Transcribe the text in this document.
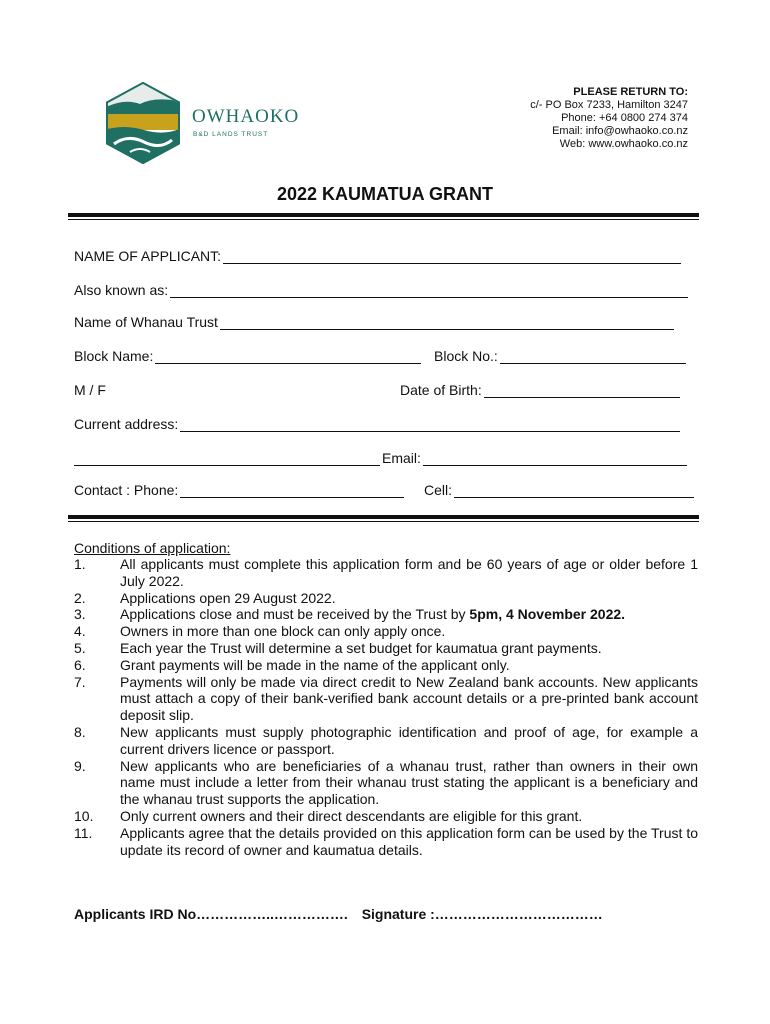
OWHAOKO
B&D LANDS TRUST
PLEASE RETURN TO:
c/- PO Box 7233, Hamilton 3247
Phone: +64 0800 274 374
Email: info@owhaoko.co.nz
Web: www.owhaoko.co.nz
2022 KAUMATUA GRANT
NAME OF APPLICANT:
Also known as:
Name of Whanau Trust
Block Name:	Block No.:
M / F	Date of Birth:
Current address:
Email:
Contact : Phone:	Cell:
Conditions of application:
1.	All applicants must complete this application form and be 60 years of age or older before 1 July 2022.
2.	Applications open 29 August 2022.
3.	Applications close and must be received by the Trust by 5pm, 4 November 2022.
4.	Owners in more than one block can only apply once.
5.	Each year the Trust will determine a set budget for kaumatua grant payments.
6.	Grant payments will be made in the name of the applicant only.
7.	Payments will only be made via direct credit to New Zealand bank accounts. New applicants must attach a copy of their bank-verified bank account details or a pre-printed bank account deposit slip.
8.	New applicants must supply photographic identification and proof of age, for example a current drivers licence or passport.
9.	New applicants who are beneficiaries of a whanau trust, rather than owners in their own name must include a letter from their whanau trust stating the applicant is a beneficiary and the whanau trust supports the application.
10.	Only current owners and their direct descendants are eligible for this grant.
11.	Applicants agree that the details provided on this application form can be used by the Trust to update its record of owner and kaumatua details.
Applicants IRD No……………..……………. Signature :………………………………
